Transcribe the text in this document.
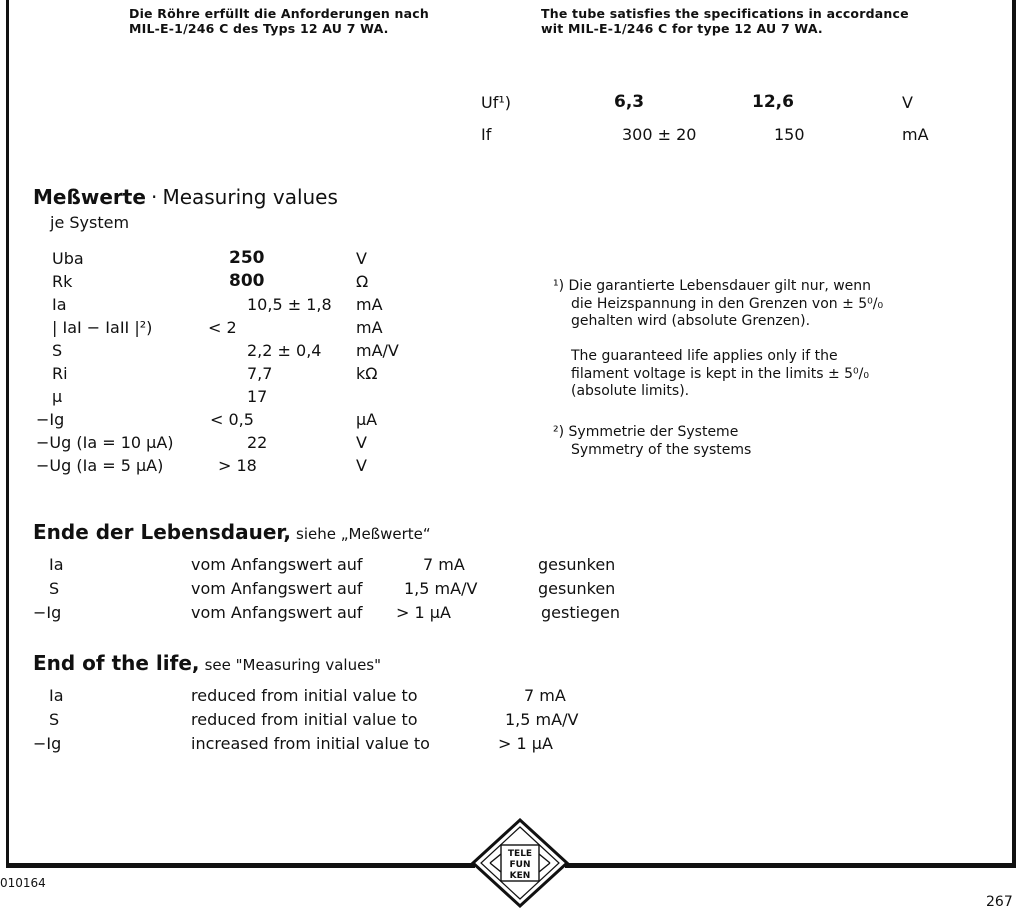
Die Röhre erfüllt die Anforderungen nach
MIL-E-1/246 C des Typs 12 AU 7 WA.
The tube satisfies the specifications in accordance
wit MIL-E-1/246 C for type 12 AU 7 WA.
Uf¹)	6,3	12,6	V
If	300 ± 20	150	mA
Meßwerte · Measuring values
je System
Uba	250	V
Rk	800	Ω
Ia	10,5 ± 1,8 mA
| IaI − IaII |²)	< 2	mA
S	2,2 ± 0,4 mA/V
Ri	7,7	kΩ
μ	17
−Ig	< 0,5	μA
−Ug (Ia = 10 μA)	22	V
−Ug (Ia = 5 μA)	> 18	V
¹) Die garantierte Lebensdauer gilt nur, wenn
die Heizspannung in den Grenzen von ± 5⁰/₀
gehalten wird (absolute Grenzen).
The guaranteed life applies only if the
filament voltage is kept in the limits ± 5⁰/₀
(absolute limits).
²) Symmetrie der Systeme
Symmetry of the systems
Ende der Lebensdauer, siehe „Meßwerte“
Ia	vom Anfangswert auf	7 mA	gesunken
S	vom Anfangswert auf	1,5 mA/V	gesunken
−Ig	vom Anfangswert auf > 1 μA	gestiegen
End of the life, see "Measuring values"
Ia	reduced from initial value to	7 mA
S	reduced from initial value to	1,5 mA/V
−Ig	increased from initial value to	> 1 μA
TELE
FUN
KEN
010164
267
